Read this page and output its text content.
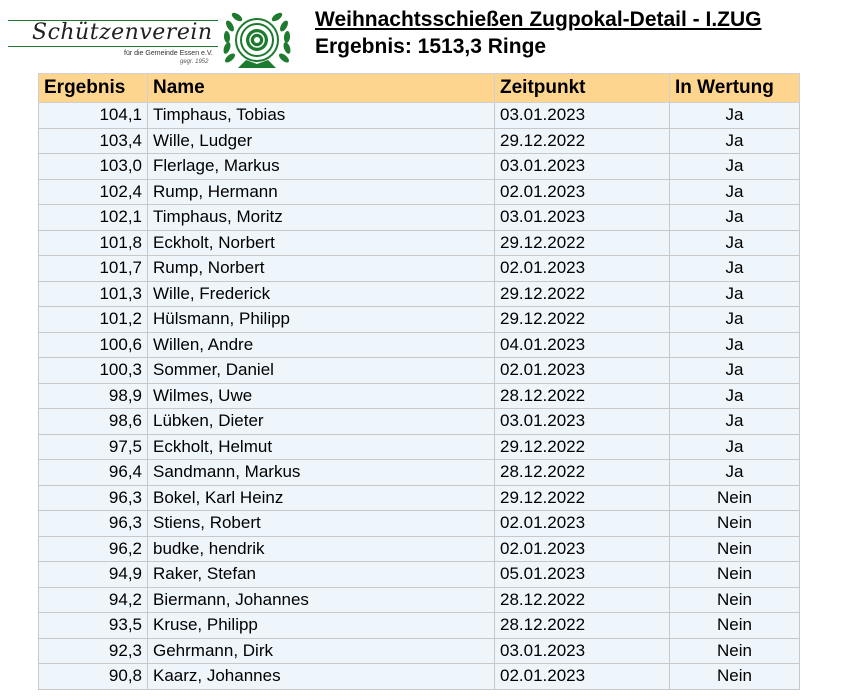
Schützenverein
für die Gemeinde Essen e.V.
gegr. 1952
Weihnachtsschießen Zugpokal-Detail - I.ZUG
Ergebnis: 1513,3 Ringe
Ergebnis	Name	Zeitpunkt	In Wertung
104,1	Timphaus, Tobias	03.01.2023	Ja
103,4	Wille, Ludger	29.12.2022	Ja
103,0	Flerlage, Markus	03.01.2023	Ja
102,4	Rump, Hermann	02.01.2023	Ja
102,1	Timphaus, Moritz	03.01.2023	Ja
101,8	Eckholt, Norbert	29.12.2022	Ja
101,7	Rump, Norbert	02.01.2023	Ja
101,3	Wille, Frederick	29.12.2022	Ja
101,2	Hülsmann, Philipp	29.12.2022	Ja
100,6	Willen, Andre	04.01.2023	Ja
100,3	Sommer, Daniel	02.01.2023	Ja
98,9	Wilmes, Uwe	28.12.2022	Ja
98,6	Lübken, Dieter	03.01.2023	Ja
97,5	Eckholt, Helmut	29.12.2022	Ja
96,4	Sandmann, Markus	28.12.2022	Ja
96,3	Bokel, Karl Heinz	29.12.2022	Nein
96,3	Stiens, Robert	02.01.2023	Nein
96,2	budke, hendrik	02.01.2023	Nein
94,9	Raker, Stefan	05.01.2023	Nein
94,2	Biermann, Johannes	28.12.2022	Nein
93,5	Kruse, Philipp	28.12.2022	Nein
92,3	Gehrmann, Dirk	03.01.2023	Nein
90,8	Kaarz, Johannes	02.01.2023	Nein
